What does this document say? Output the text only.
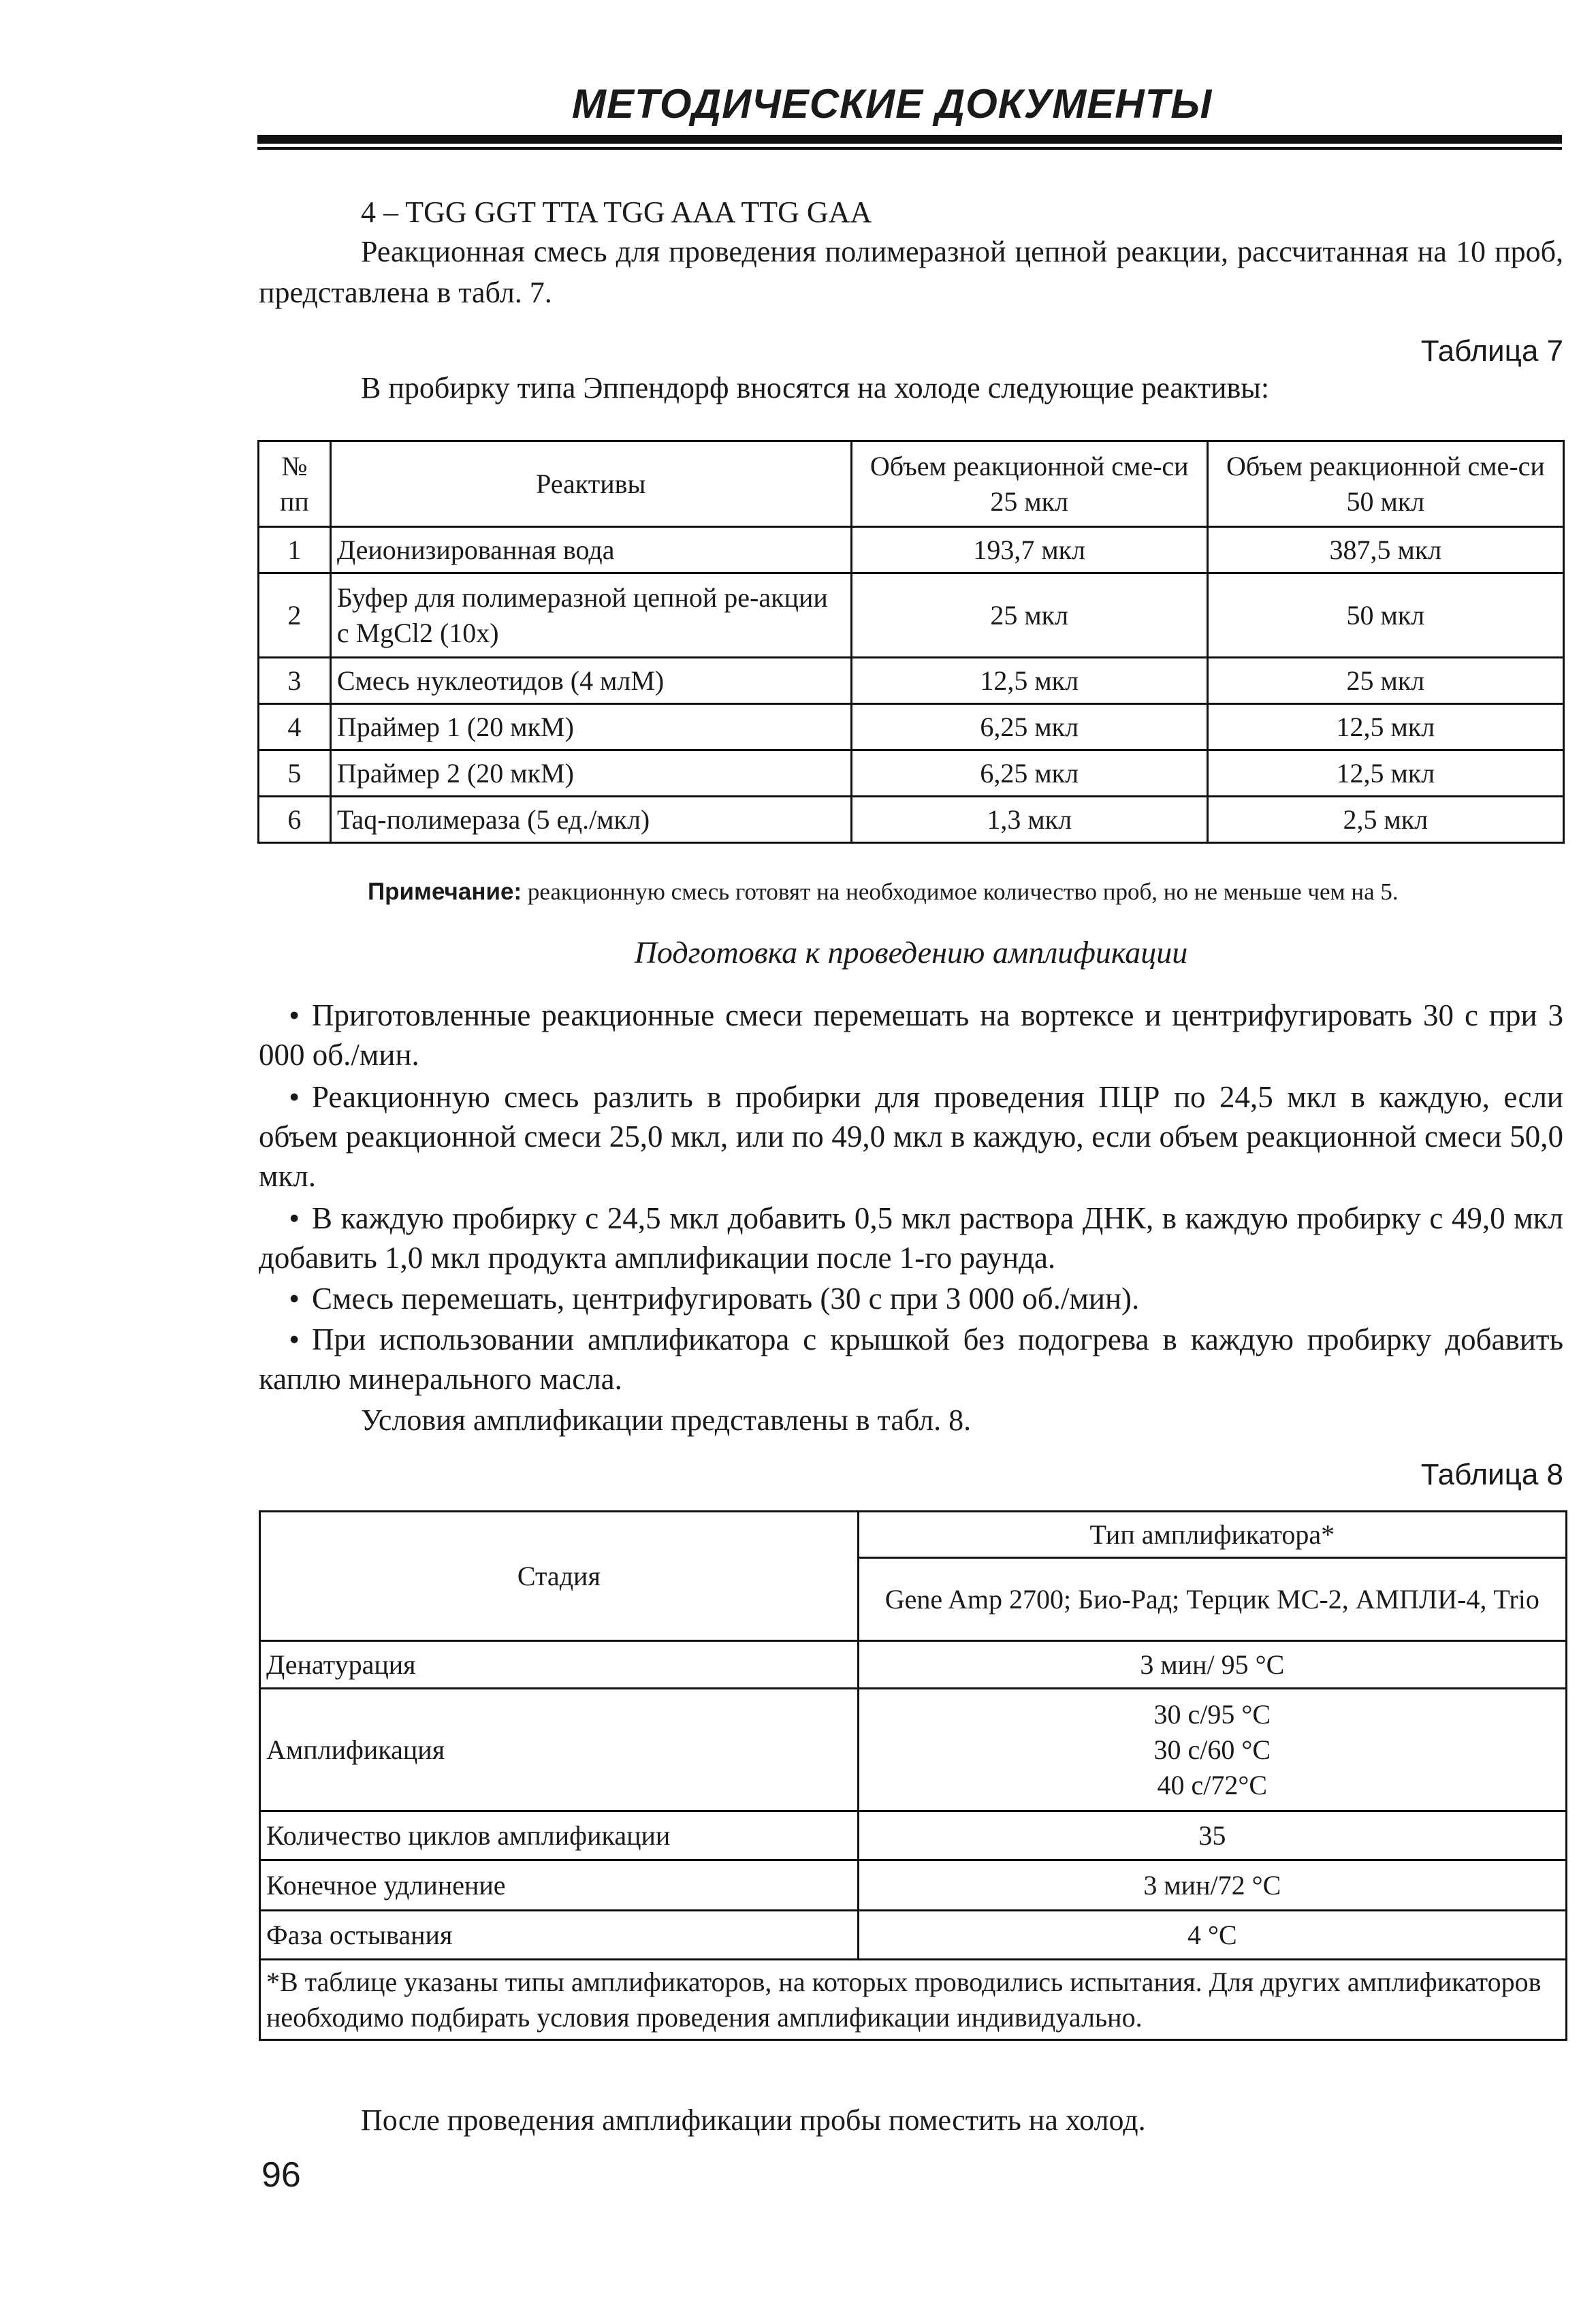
МЕТОДИЧЕСКИЕ ДОКУМЕНТЫ
4 – TGG GGT TTA TGG AAA TTG GAA
Реакционная смесь для проведения полимеразной цепной реакции, рассчитанная на 10 проб, представлена в табл. 7.
Таблица 7
В пробирку типа Эппендорф вносятся на холоде следующие реактивы:
№ пп	Реактивы	Объем реакционной сме-си 25 мкл	Объем реакционной сме-си 50 мкл
1	Деионизированная вода	193,7 мкл	387,5 мкл
2	Буфер для полимеразной цепной ре-акции с MgCl2 (10x)	25 мкл	50 мкл
3	Смесь нуклеотидов (4 млМ)	12,5 мкл	25 мкл
4	Праймер 1 (20 мкМ)	6,25 мкл	12,5 мкл
5	Праймер 2 (20 мкМ)	6,25 мкл	12,5 мкл
6	Taq-полимераза (5 ед./мкл)	1,3 мкл	2,5 мкл
Примечание: реакционную смесь готовят на необходимое количество проб, но не меньше чем на 5.
Подготовка к проведению амплификации
• Приготовленные реакционные смеси перемешать на вортексе и центрифугировать 30 с при 3 000 об./мин.
• Реакционную смесь разлить в пробирки для проведения ПЦР по 24,5 мкл в каждую, если объем реакционной смеси 25,0 мкл, или по 49,0 мкл в каждую, если объем реакционной смеси 50,0 мкл.
• В каждую пробирку с 24,5 мкл добавить 0,5 мкл раствора ДНК, в каждую пробирку с 49,0 мкл добавить 1,0 мкл продукта амплификации после 1-го раунда.
• Смесь перемешать, центрифугировать (30 с при 3 000 об./мин).
• При использовании амплификатора с крышкой без подогрева в каждую пробирку добавить каплю минерального масла.
Условия амплификации представлены в табл. 8.
Таблица 8
Стадия	Тип амплификатора*
	Gene Amp 2700; Био-Рад; Терцик МС-2, АМПЛИ-4, Trio
Денатурация	3 мин/ 95 °С
Амплификация	30 с/95 °С
30 с/60 °С
40 с/72°С

Количество циклов амплификации	35
Конечное удлинение	3 мин/72 °С
Фаза остывания	4 °С
*В таблице указаны типы амплификаторов, на которых проводились испытания. Для других амплификаторов необходимо подбирать условия проведения амплификации индивидуально.	
После проведения амплификации пробы поместить на холод.
96
